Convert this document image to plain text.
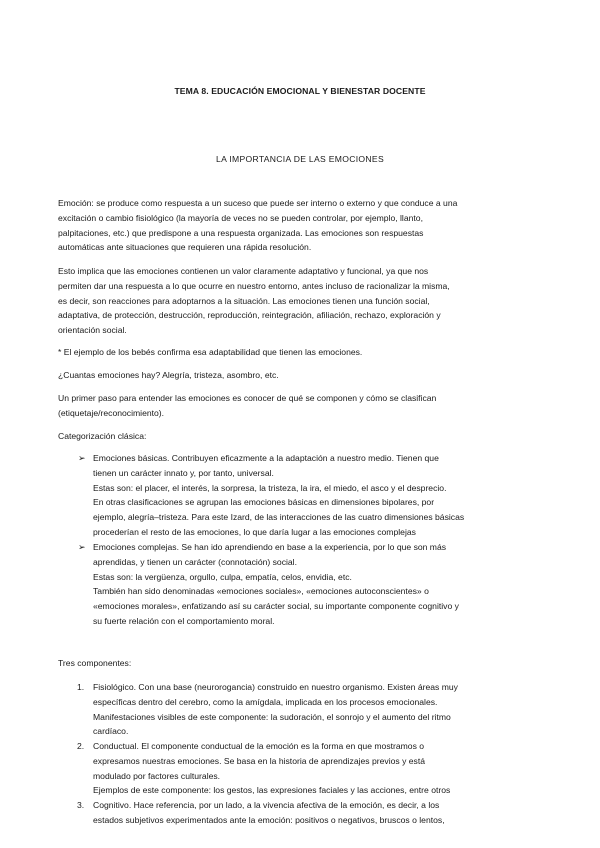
TEMA 8. EDUCACIÓN EMOCIONAL Y BIENESTAR DOCENTE
LA IMPORTANCIA DE LAS EMOCIONES

Emoción: se produce como respuesta a un suceso que puede ser interno o externo y que conduce a una
excitación o cambio fisiológico (la mayoría de veces no se pueden controlar, por ejemplo, llanto,
palpitaciones, etc.) que predispone a una respuesta organizada. Las emociones son respuestas
automáticas ante situaciones que requieren una rápida resolución.

Esto implica que las emociones contienen un valor claramente adaptativo y funcional, ya que nos
permiten dar una respuesta a lo que ocurre en nuestro entorno, antes incluso de racionalizar la misma,
es decir, son reacciones para adoptarnos a la situación. Las emociones tienen una función social,
adaptativa, de protección, destrucción, reproducción, reintegración, afiliación, rechazo, exploración y
orientación social.

* El ejemplo de los bebés confirma esa adaptabilidad que tienen las emociones.

¿Cuantas emociones hay? Alegría, tristeza, asombro, etc.

Un primer paso para entender las emociones es conocer de qué se componen y cómo se clasifican
(etiquetaje/reconocimiento).

Categorización clásica:

➢ Emociones básicas. Contribuyen eficazmente a la adaptación a nuestro medio. Tienen que
tienen un carácter innato y, por tanto, universal.
Estas son: el placer, el interés, la sorpresa, la tristeza, la ira, el miedo, el asco y el desprecio.
En otras clasificaciones se agrupan las emociones básicas en dimensiones bipolares, por
ejemplo, alegría–tristeza. Para este Izard, de las interacciones de las cuatro dimensiones básicas
procederían el resto de las emociones, lo que daría lugar a las emociones complejas

➢ Emociones complejas. Se han ido aprendiendo en base a la experiencia, por lo que son más
aprendidas, y tienen un carácter (connotación) social.
Estas son: la vergüenza, orgullo, culpa, empatía, celos, envidia, etc.
También han sido denominadas «emociones sociales», «emociones autoconscientes» o
«emociones morales», enfatizando así su carácter social, su importante componente cognitivo y
su fuerte relación con el comportamiento moral.

Tres componentes:

1. Fisiológico. Con una base (neurorogancia) construido en nuestro organismo. Existen áreas muy
específicas dentro del cerebro, como la amígdala, implicada en los procesos emocionales.
Manifestaciones visibles de este componente: la sudoración, el sonrojo y el aumento del ritmo
cardíaco.

2. Conductual. El componente conductual de la emoción es la forma en que mostramos o
expresamos nuestras emociones. Se basa en la historia de aprendizajes previos y está
modulado por factores culturales.
Ejemplos de este componente: los gestos, las expresiones faciales y las acciones, entre otros

3. Cognitivo. Hace referencia, por un lado, a la vivencia afectiva de la emoción, es decir, a los
estados subjetivos experimentados ante la emoción: positivos o negativos, bruscos o lentos,
